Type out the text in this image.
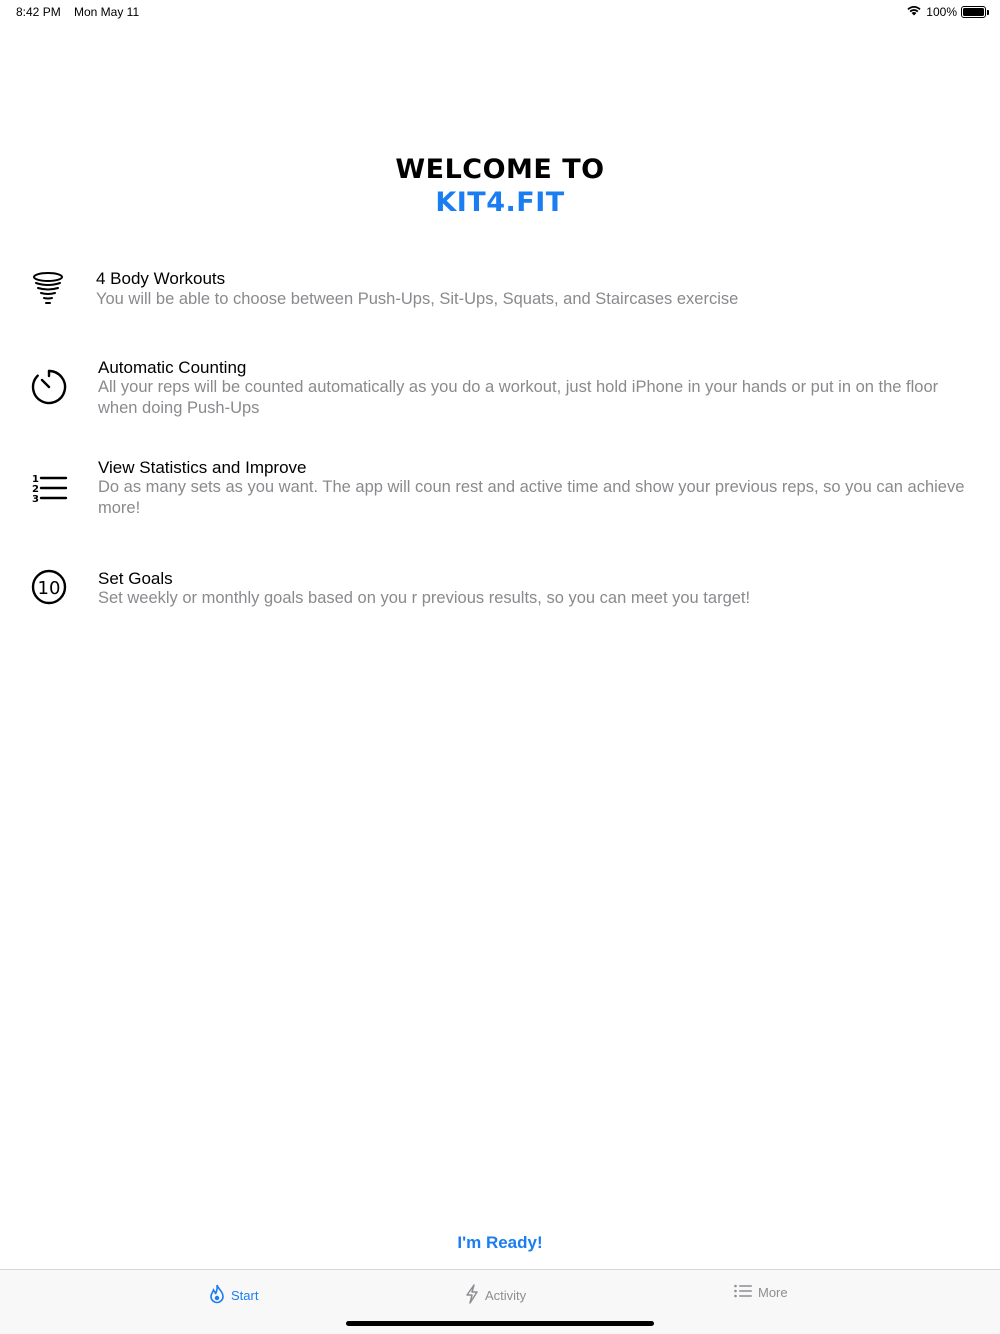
8:42 PM Mon May 11	100%
WELCOME TO
KIT4.FIT
4 Body Workouts
You will be able to choose between Push-Ups, Sit-Ups, Squats, and Staircases exercise
Automatic Counting
All your reps will be counted automatically as you do a workout, just hold iPhone in your hands or put in on the floor when doing Push-Ups
1
2
3
View Statistics and Improve
Do as many sets as you want. The app will coun rest and active time and show your previous reps, so you can achieve more!
10 Set Goals
Set weekly or monthly goals based on you r previous results, so you can meet you target!
I'm Ready!
Start	Activity	More
